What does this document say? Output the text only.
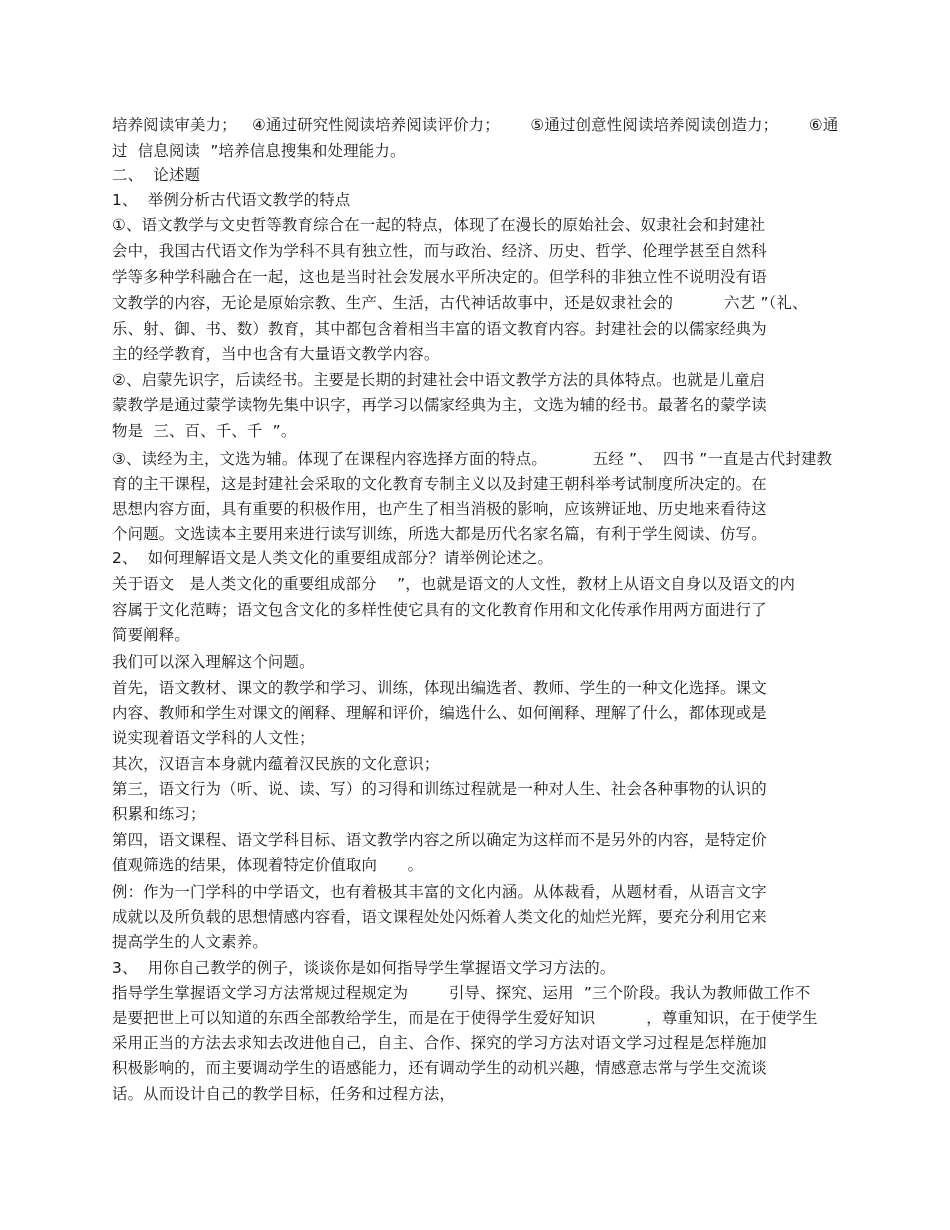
培养阅读审美力；   ④通过研究性阅读培养阅读评价力；      ⑤通过创意性阅读培养阅读创造力；      ⑥通
过  信息阅读  ”培养信息搜集和处理能力。
二、  论述题
1、  举例分析古代语文教学的特点
①、语文教学与文史哲等教育综合在一起的特点，体现了在漫长的原始社会、奴隶社会和封建社
会中，我国古代语文作为学科不具有独立性，而与政治、经济、历史、哲学、伦理学甚至自然科
学等多种学科融合在一起，这也是当时社会发展水平所决定的。但学科的非独立性不说明没有语
文教学的内容，无论是原始宗教、生产、生活，古代神话故事中，还是奴隶社会的          六艺 ”（礼、
乐、射、御、书、数）教育，其中都包含着相当丰富的语文教育内容。封建社会的以儒家经典为
主的经学教育，当中也含有大量语文教学内容。
②、启蒙先识字，后读经书。主要是长期的封建社会中语文教学方法的具体特点。也就是儿童启
蒙教学是通过蒙学读物先集中识字，再学习以儒家经典为主，文选为辅的经书。最著名的蒙学读
物是  三、百、千、千  ”。
③、读经为主，文选为辅。体现了在课程内容选择方面的特点。         五经 ”、  四书 ”一直是古代封建教
育的主干课程，这是封建社会采取的文化教育专制主义以及封建王朝科举考试制度所决定的。在
思想内容方面，具有重要的积极作用，也产生了相当消极的影响，应该辨证地、历史地来看待这
个问题。文选读本主要用来进行读写训练，所选大都是历代名家名篇，有利于学生阅读、仿写。
2、  如何理解语文是人类文化的重要组成部分？请举例论述之。
关于语文   是人类文化的重要组成部分    ”，也就是语文的人文性，教材上从语文自身以及语文的内
容属于文化范畴；语文包含文化的多样性使它具有的文化教育作用和文化传承作用两方面进行了
简要阐释。
我们可以深入理解这个问题。
首先，语文教材、课文的教学和学习、训练，体现出编选者、教师、学生的一种文化选择。课文
内容、教师和学生对课文的阐释、理解和评价，编选什么、如何阐释、理解了什么，都体现或是
说实现着语文学科的人文性；
其次，汉语言本身就内蕴着汉民族的文化意识；
第三，语文行为（听、说、读、写）的习得和训练过程就是一种对人生、社会各种事物的认识的
积累和练习；
第四，语文课程、语文学科目标、语文教学内容之所以确定为这样而不是另外的内容，是特定价
值观筛选的结果，体现着特定价值取向      。
例：作为一门学科的中学语文，也有着极其丰富的文化内涵。从体裁看，从题材看，从语言文字
成就以及所负载的思想情感内容看，语文课程处处闪烁着人类文化的灿烂光辉，要充分利用它来
提高学生的人文素养。
3、  用你自己教学的例子，谈谈你是如何指导学生掌握语文学习方法的。
指导学生掌握语文学习方法常规过程规定为        引导、探究、运用  ”三个阶段。我认为教师做工作不
是要把世上可以知道的东西全部教给学生，而是在于使得学生爱好知识          ，尊重知识，在于使学生
采用正当的方法去求知去改进他自己，自主、合作、探究的学习方法对语文学习过程是怎样施加
积极影响的，而主要调动学生的语感能力，还有调动学生的动机兴趣，情感意志常与学生交流谈
话。从而设计自己的教学目标，任务和过程方法，
